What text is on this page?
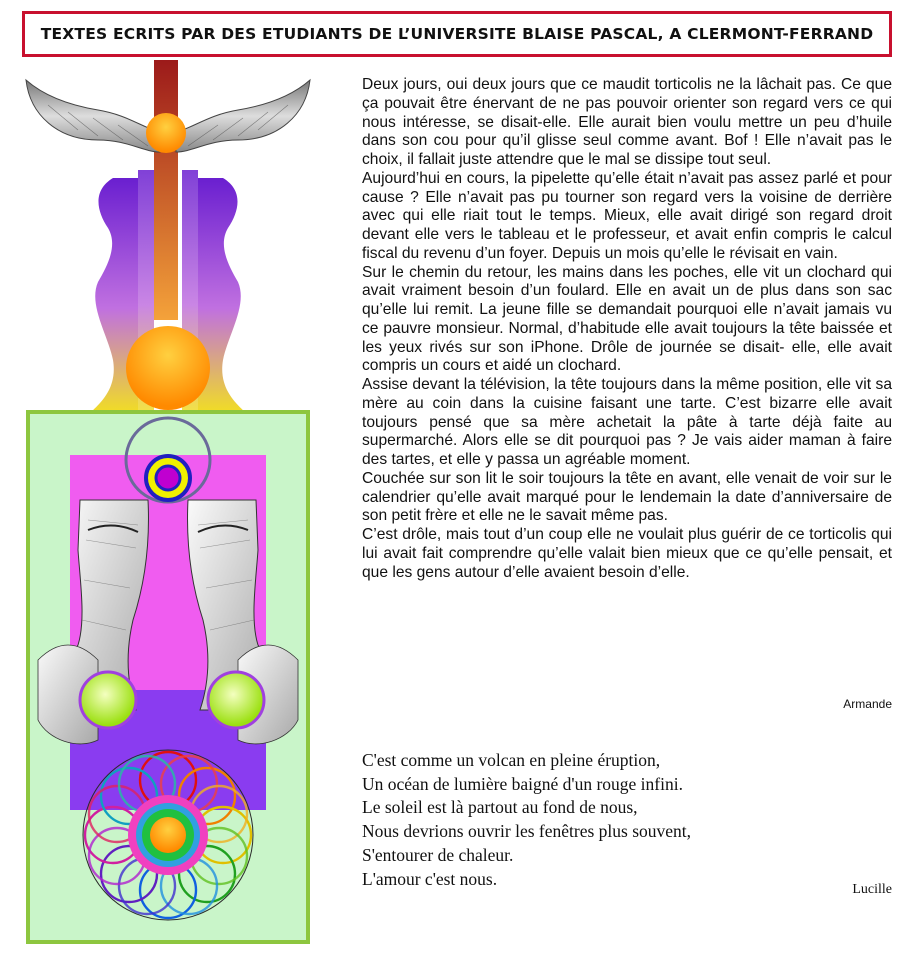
TEXTES ECRITS PAR DES ETUDIANTS DE L’UNIVERSITE BLAISE PASCAL, A CLERMONT-FERRAND

Deux jours, oui deux jours que ce maudit torticolis ne la lâchait pas. Ce que ça pouvait être énervant de ne pas pouvoir orienter son regard vers ce qui nous intéresse, se disait-elle. Elle aurait bien voulu mettre un peu d’huile dans son cou pour qu’il glisse seul comme avant. Bof ! Elle n’avait pas le choix, il fallait juste attendre que le mal se dissipe tout seul.

Aujourd’hui en cours, la pipelette qu’elle était n’avait pas assez parlé et pour cause ? Elle n’avait pas pu tourner son regard vers la voisine de derrière avec qui elle riait tout le temps. Mieux, elle avait dirigé son regard droit devant elle vers le tableau et le professeur, et avait enfin compris le calcul fiscal du revenu d’un foyer. Depuis un mois qu’elle le révisait en vain.

Sur le chemin du retour, les mains dans les poches, elle vit un clochard qui avait vraiment besoin d’un foulard. Elle en avait un de plus dans son sac qu’elle lui remit. La jeune fille se demandait pourquoi elle n’avait jamais vu ce pauvre monsieur. Normal, d’habitude elle avait toujours la tête baissée et les yeux rivés sur son iPhone. Drôle de journée se disait- elle, elle avait compris un cours et aidé un clochard.

Assise devant la télévision, la tête toujours dans la même position, elle vit sa mère au coin dans la cuisine faisant une tarte. C’est bizarre elle avait toujours pensé que sa mère achetait la pâte à tarte déjà faite au supermarché. Alors elle se dit pourquoi pas ? Je vais aider maman à faire des tartes, et elle y passa un agréable moment.

Couchée sur son lit le soir toujours la tête en avant, elle venait de voir sur le calendrier qu’elle avait marqué pour le lendemain la date d’anniversaire de son petit frère et elle ne le savait même pas.

C’est drôle, mais tout d’un coup elle ne voulait plus guérir de ce torticolis qui lui avait fait comprendre qu’elle valait bien mieux que ce qu’elle pensait, et que les gens autour d’elle avaient besoin d’elle.

Armande
C'est comme un volcan en pleine éruption,
Un océan de lumière baigné d'un rouge infini.
Le soleil est là partout au fond de nous,
Nous devrions ouvrir les fenêtres plus souvent,
S'entourer de chaleur.
L'amour c'est nous.
Lucille
